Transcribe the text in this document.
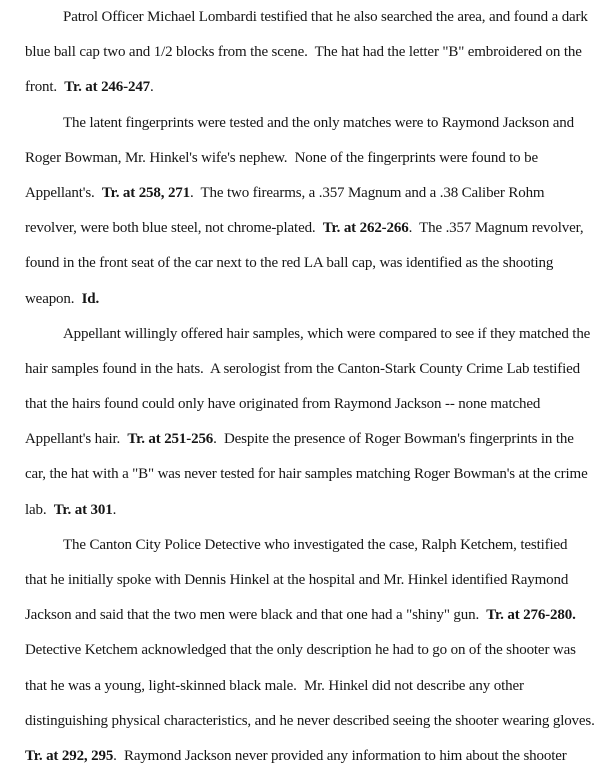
Patrol Officer Michael Lombardi testified that he also searched the area, and found a dark
blue ball cap two and 1/2 blocks from the scene.  The hat had the letter "B" embroidered on the
front.  Tr. at 246-247.
The latent fingerprints were tested and the only matches were to Raymond Jackson and
Roger Bowman, Mr. Hinkel's wife's nephew.  None of the fingerprints were found to be
Appellant's.  Tr. at 258, 271.  The two firearms, a .357 Magnum and a .38 Caliber Rohm
revolver, were both blue steel, not chrome-plated.  Tr. at 262-266.  The .357 Magnum revolver,
found in the front seat of the car next to the red LA ball cap, was identified as the shooting
weapon.  Id.
Appellant willingly offered hair samples, which were compared to see if they matched the
hair samples found in the hats.  A serologist from the Canton-Stark County Crime Lab testified
that the hairs found could only have originated from Raymond Jackson -- none matched
Appellant's hair.  Tr. at 251-256.  Despite the presence of Roger Bowman's fingerprints in the
car, the hat with a "B" was never tested for hair samples matching Roger Bowman's at the crime
lab.  Tr. at 301.
The Canton City Police Detective who investigated the case, Ralph Ketchem, testified
that he initially spoke with Dennis Hinkel at the hospital and Mr. Hinkel identified Raymond
Jackson and said that the two men were black and that one had a "shiny" gun.  Tr. at 276-280.
Detective Ketchem acknowledged that the only description he had to go on of the shooter was
that he was a young, light-skinned black male.  Mr. Hinkel did not describe any other
distinguishing physical characteristics, and he never described seeing the shooter wearing gloves.
Tr. at 292, 295.  Raymond Jackson never provided any information to him about the shooter
